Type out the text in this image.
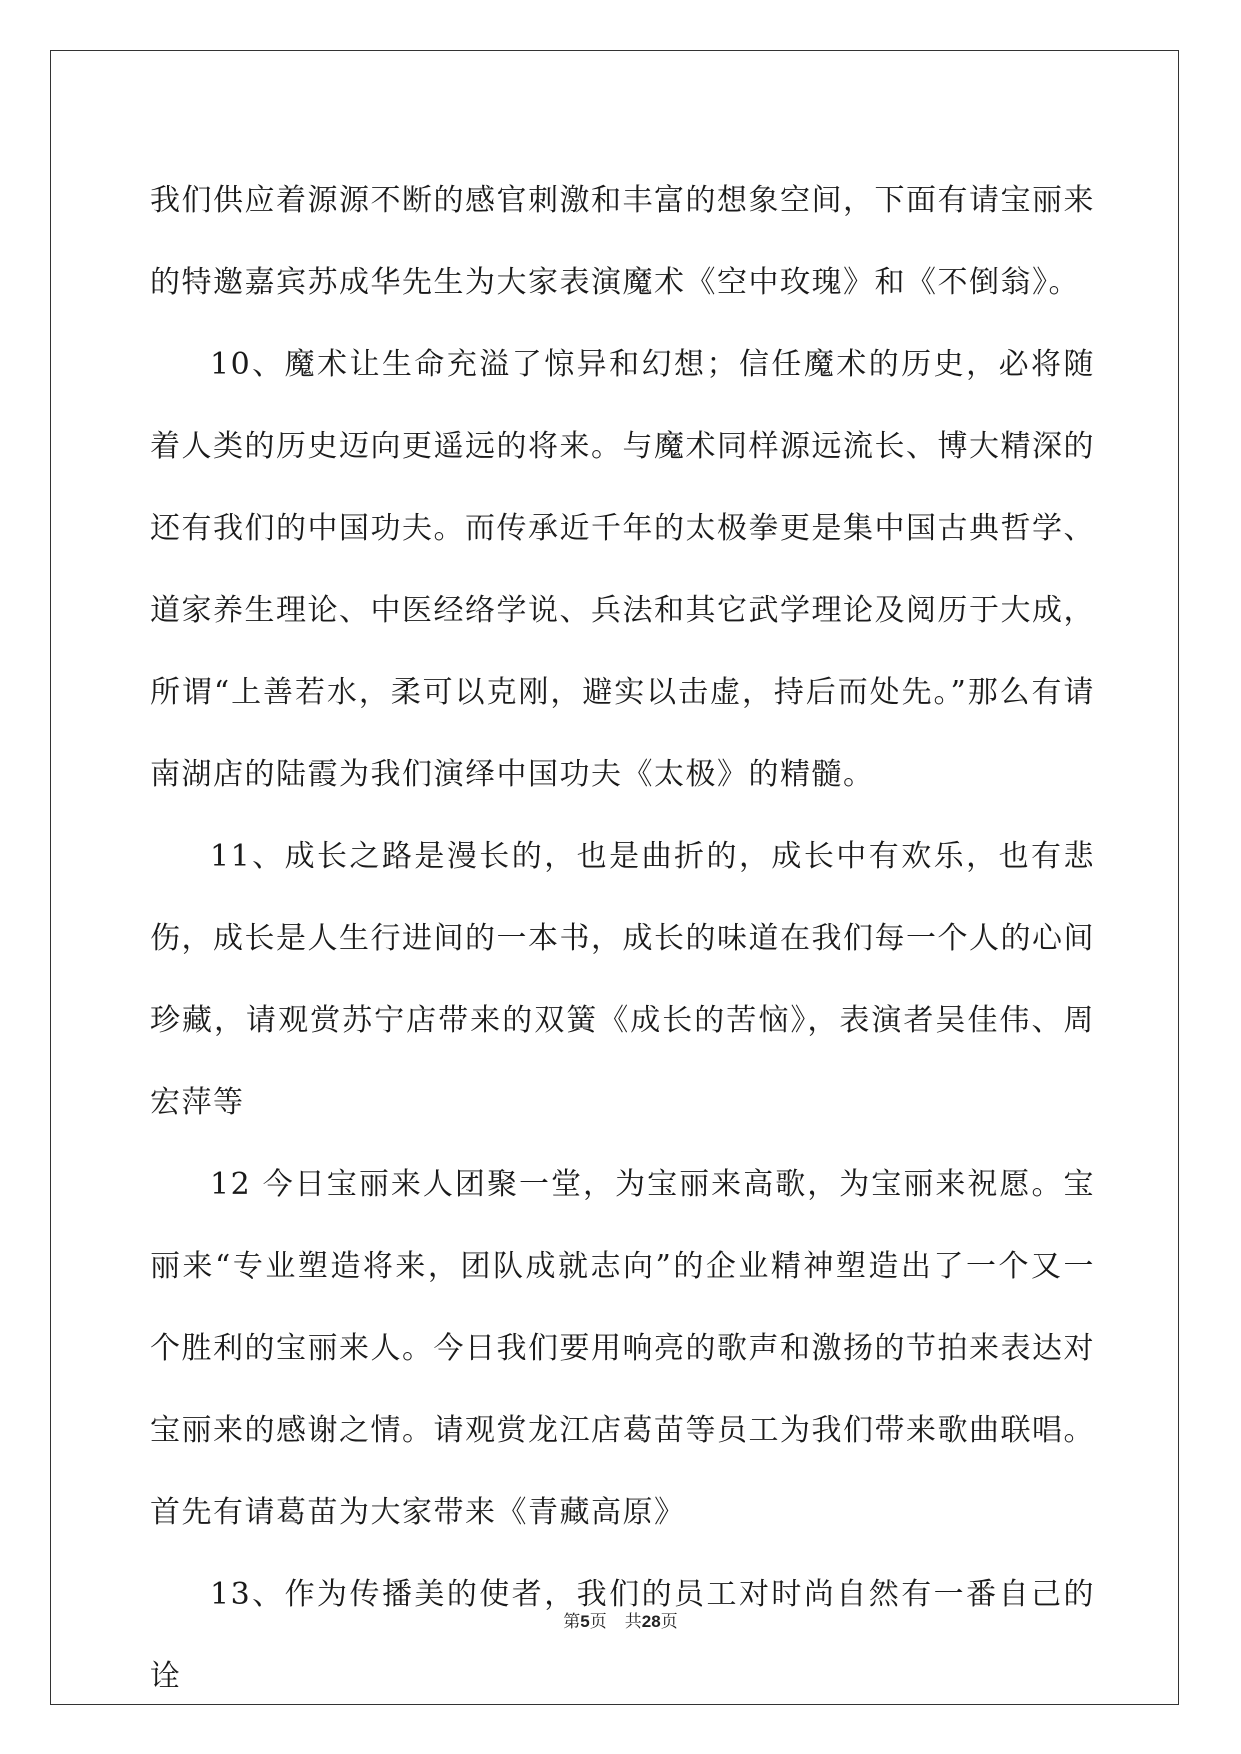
我们供应着源源不断的感官刺激和丰富的想象空间，下面有请宝丽来的特邀嘉宾苏成华先生为大家表演魔术《空中玫瑰》和《不倒翁》。

10、魔术让生命充溢了惊异和幻想；信任魔术的历史，必将随着人类的历史迈向更遥远的将来。与魔术同样源远流长、博大精深的还有我们的中国功夫。而传承近千年的太极拳更是集中国古典哲学、道家养生理论、中医经络学说、兵法和其它武学理论及阅历于大成，所谓“上善若水，柔可以克刚，避实以击虚，持后而处先。”那么有请南湖店的陆霞为我们演绎中国功夫《太极》的精髓。

11、成长之路是漫长的，也是曲折的，成长中有欢乐，也有悲伤，成长是人生行进间的一本书，成长的味道在我们每一个人的心间珍藏，请观赏苏宁店带来的双簧《成长的苦恼》，表演者吴佳伟、周宏萍等

12 今日宝丽来人团聚一堂，为宝丽来高歌，为宝丽来祝愿。宝丽来“专业塑造将来，团队成就志向”的企业精神塑造出了一个又一个胜利的宝丽来人。今日我们要用响亮的歌声和激扬的节拍来表达对宝丽来的感谢之情。请观赏龙江店葛苗等员工为我们带来歌曲联唱。首先有请葛苗为大家带来《青藏高原》

13、作为传播美的使者，我们的员工对时尚自然有一番自己的诠

第5页 共28页
